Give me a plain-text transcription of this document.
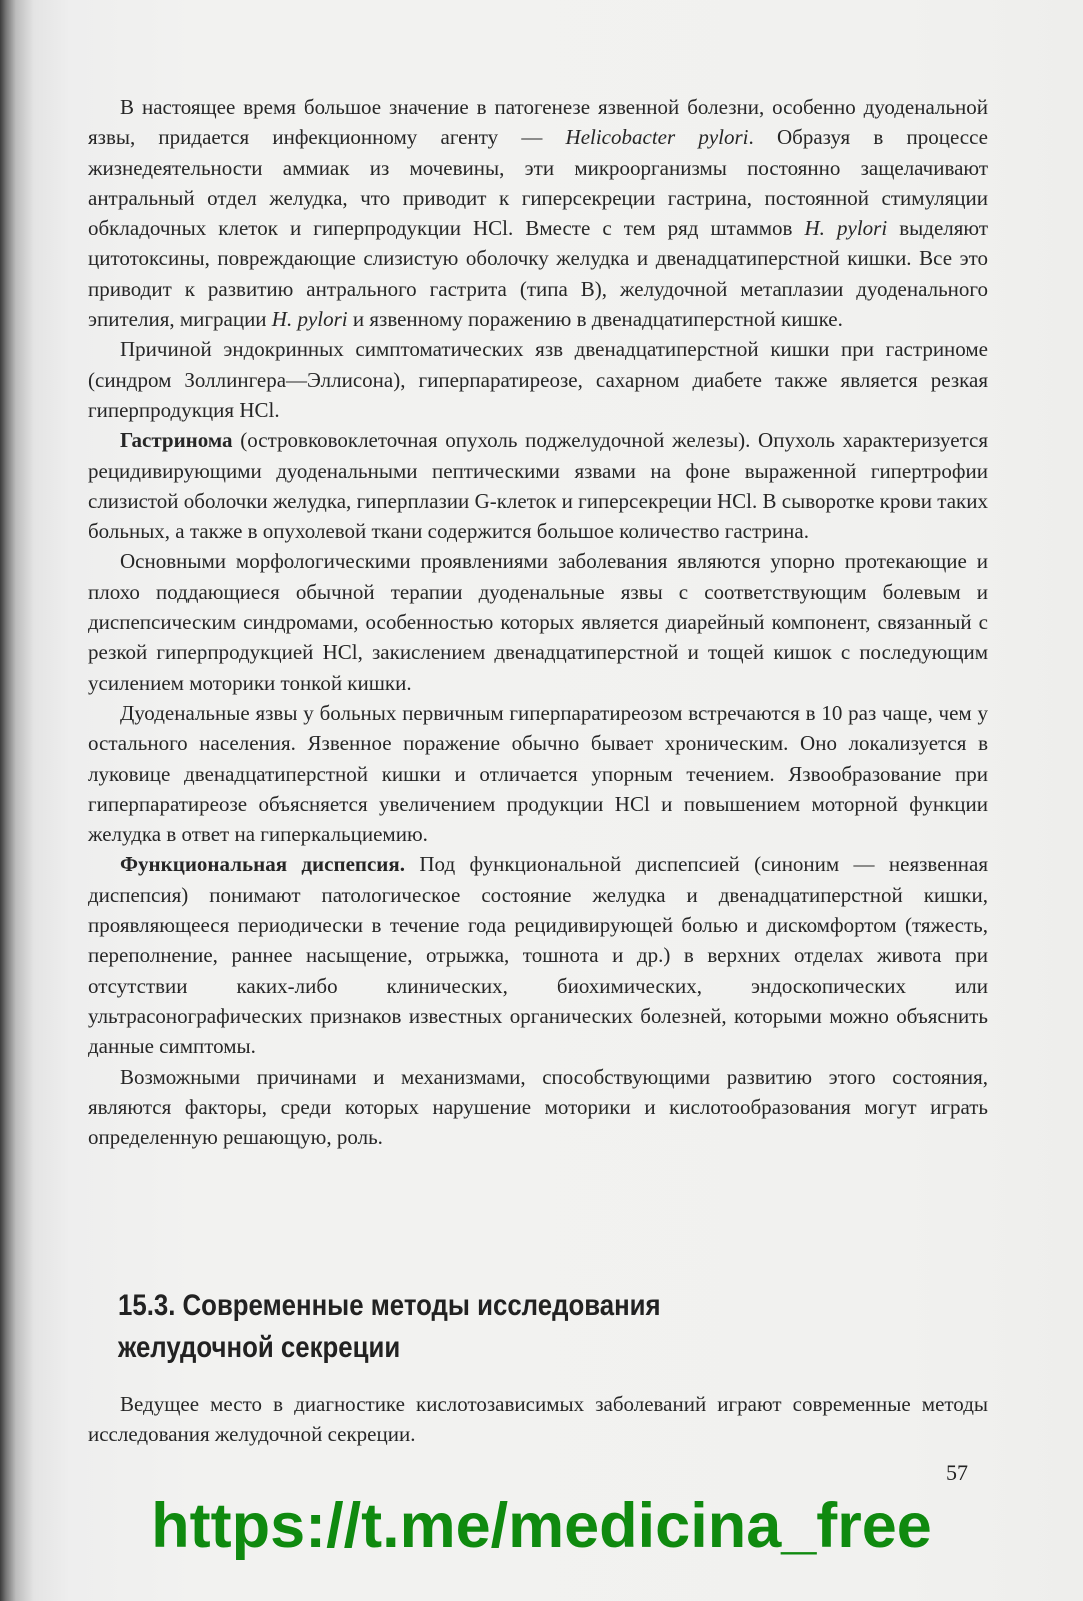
В настоящее время большое значение в патогенезе язвенной болезни, особенно дуоденальной язвы, придается инфекционному агенту — Helicobacter pylori. Образуя в процессе жизнедеятельности аммиак из мочевины, эти микроорганизмы постоянно защелачивают антральный отдел желудка, что приводит к гиперсекреции гастрина, постоянной стимуляции обкладочных клеток и гиперпродукции HCl. Вместе с тем ряд штаммов H. pylori выделяют цитотоксины, повреждающие слизистую оболочку желудка и двенадцатиперстной кишки. Все это приводит к развитию антрального гастрита (типа В), желудочной метаплазии дуоденального эпителия, миграции H. pylori и язвенному поражению в двенадцатиперстной кишке.

Причиной эндокринных симптоматических язв двенадцатиперстной кишки при гастриноме (синдром Золлингера—Эллисона), гиперпаратиреозе, сахарном диабете также является резкая гиперпродукция HCl.

Гастринома (островковоклеточная опухоль поджелудочной железы). Опухоль характеризуется рецидивирующими дуоденальными пептическими язвами на фоне выраженной гипертрофии слизистой оболочки желудка, гиперплазии G-клеток и гиперсекреции HCl. В сыворотке крови таких больных, а также в опухолевой ткани содержится большое количество гастрина.

Основными морфологическими проявлениями заболевания являются упорно протекающие и плохо поддающиеся обычной терапии дуоденальные язвы с соответствующим болевым и диспепсическим синдромами, особенностью которых является диарейный компонент, связанный с резкой гиперпродукцией HCl, закислением двенадцатиперстной и тощей кишок с последующим усилением моторики тонкой кишки.

Дуоденальные язвы у больных первичным гиперпаратиреозом встречаются в 10 раз чаще, чем у остального населения. Язвенное поражение обычно бывает хроническим. Оно локализуется в луковице двенадцатиперстной кишки и отличается упорным течением. Язвообразование при гиперпаратиреозе объясняется увеличением продукции HCl и повышением моторной функции желудка в ответ на гиперкальциемию.

Функциональная диспепсия. Под функциональной диспепсией (синоним — неязвенная диспепсия) понимают патологическое состояние желудка и двенадцатиперстной кишки, проявляющееся периодически в течение года рецидивирующей болью и дискомфортом (тяжесть, переполнение, раннее насыщение, отрыжка, тошнота и др.) в верхних отделах живота при отсутствии каких-либо клинических, биохимических, эндоскопических или ультрасонографических признаков известных органических болезней, которыми можно объяснить данные симптомы.

Возможными причинами и механизмами, способствующими развитию этого состояния, являются факторы, среди которых нарушение моторики и кислотообразования могут играть определенную решающую, роль.

15.3. Современные методы исследования
желудочной секреции
Ведущее место в диагностике кислотозависимых заболеваний играют современные методы исследования желудочной секреции.
57
https://t.me/medicina_free
